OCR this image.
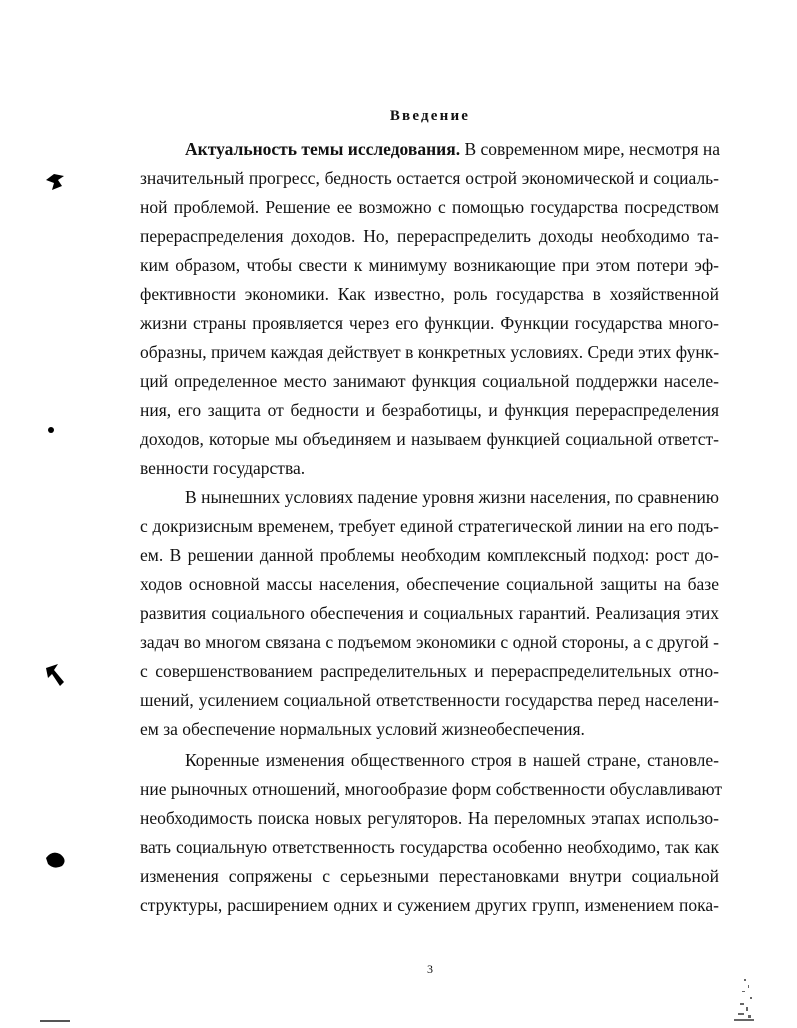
Введение
Актуальность темы исследования. В современном мире, несмотря на
значительный прогресс, бедность остается острой экономической и социаль-
ной проблемой. Решение ее возможно с помощью государства посредством
перераспределения доходов. Но, перераспределить доходы необходимо та-
ким образом, чтобы свести к минимуму возникающие при этом потери эф-
фективности экономики. Как известно, роль государства в хозяйственной
жизни страны проявляется через его функции. Функции государства много-
образны, причем каждая действует в конкретных условиях. Среди этих функ-
ций определенное место занимают функция социальной поддержки населе-
ния, его защита от бедности и безработицы, и функция перераспределения
доходов, которые мы объединяем и называем функцией социальной ответст-
венности государства.
В нынешних условиях падение уровня жизни населения, по сравнению
с докризисным временем, требует единой стратегической линии на его подъ-
ем. В решении данной проблемы необходим комплексный подход: рост до-
ходов основной массы населения, обеспечение социальной защиты на базе
развития социального обеспечения и социальных гарантий. Реализация этих
задач во многом связана с подъемом экономики с одной стороны, а с другой -
с совершенствованием распределительных и перераспределительных отно-
шений, усилением социальной ответственности государства перед населени-
ем за обеспечение нормальных условий жизнеобеспечения.
Коренные изменения общественного строя в нашей стране, становле-
ние рыночных отношений, многообразие форм собственности обуславливают
необходимость поиска новых регуляторов. На переломных этапах использо-
вать социальную ответственность государства особенно необходимо, так как
изменения сопряжены с серьезными перестановками внутри социальной
структуры, расширением одних и сужением других групп, изменением пока-
3
